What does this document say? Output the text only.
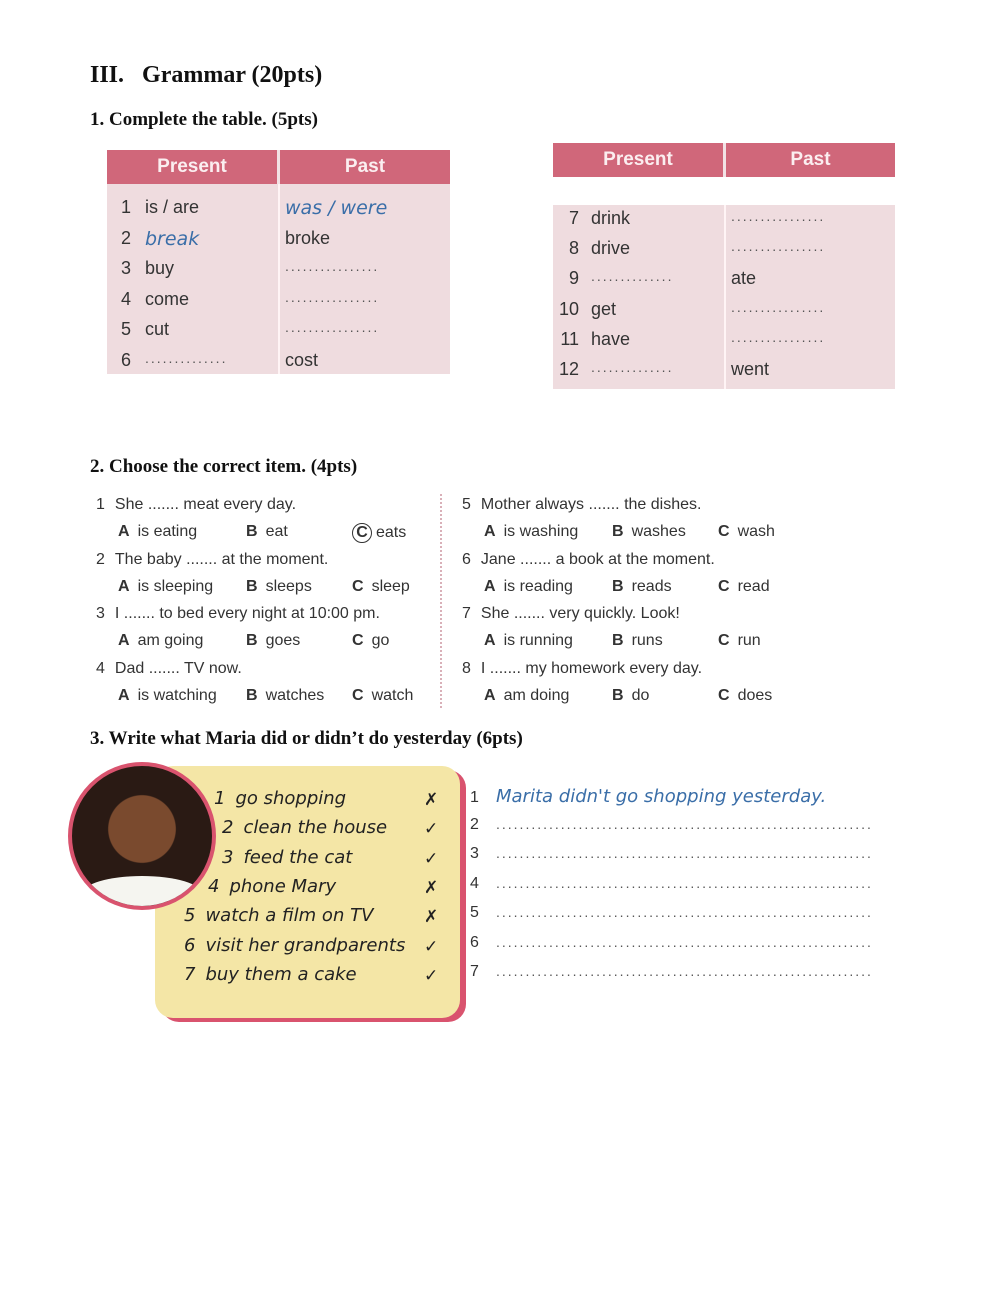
III. Grammar (20pts)
1. Complete the table. (5pts)
Present	Past
1 is / are	was / were
2 break	broke
3 buy	................
4 come	................
5 cut	................
6 ..............	cost
Present	Past
7 drink	................
8 drive	................
9 ..............	ate
10 get	................
11 have	................
12 ..............	went
2. Choose the correct item. (4pts)
1 She ....... meat every day.
A is eating	B eat	C eats
2 The baby ....... at the moment.
A is sleeping B sleeps	C sleep
3 I ....... to bed every night at 10:00 pm.
A am going	B goes	C go
4 Dad ....... TV now.
A is watching B watches C watch
5 Mother always ....... the dishes.
A is washing B washes C wash
6 Jane ....... a book at the moment.
A is reading B reads	C read
7 She ....... very quickly. Look!
A is running B runs	C run
8 I ....... my homework every day.
A am doing	B do	C does
3. Write what Maria did or didn’t do yesterday (6pts)
1 go shopping	✗
2 clean the house ✓
3 feed the cat	✓
4 phone Mary	✗
5 watch a film on TV	✗
6 visit her grandparents ✓
7 buy them a cake	✓
1 Marita didn't go shopping yesterday.
2 ................................................................
3 ................................................................
4 ................................................................
5 ................................................................
6 ................................................................
7 ................................................................
